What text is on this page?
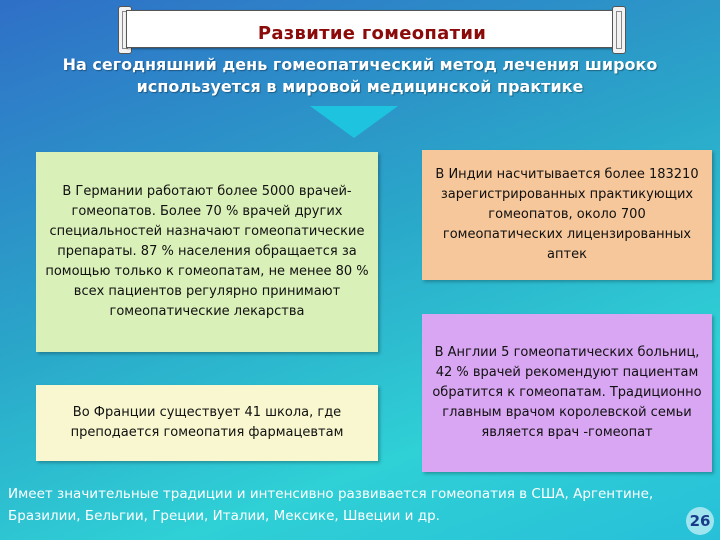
Развитие гомеопатии
На сегодняшний день гомеопатический метод лечения широко используется в мировой медицинской практике
В Германии работают более 5000 врачей-гомеопатов. Более 70 % врачей других специальностей назначают гомеопатические препараты. 87 % населения обращается за помощью только к гомеопатам, не менее 80 % всех пациентов регулярно принимают гомеопатические лекарства
Во Франции существует 41 школа, где преподается гомеопатия фармацевтам
В Индии насчитывается более 183210 зарегистрированных практикующих гомеопатов, около 700 гомеопатических лицензированных аптек
В Англии 5 гомеопатических больниц, 42 % врачей рекомендуют пациентам обратится к гомеопатам. Традиционно главным врачом королевской семьи является врач -гомеопат
Имеет значительные традиции и интенсивно развивается гомеопатия в США, Аргентине, Бразилии, Бельгии, Греции, Италии, Мексике, Швеции и др.	26
